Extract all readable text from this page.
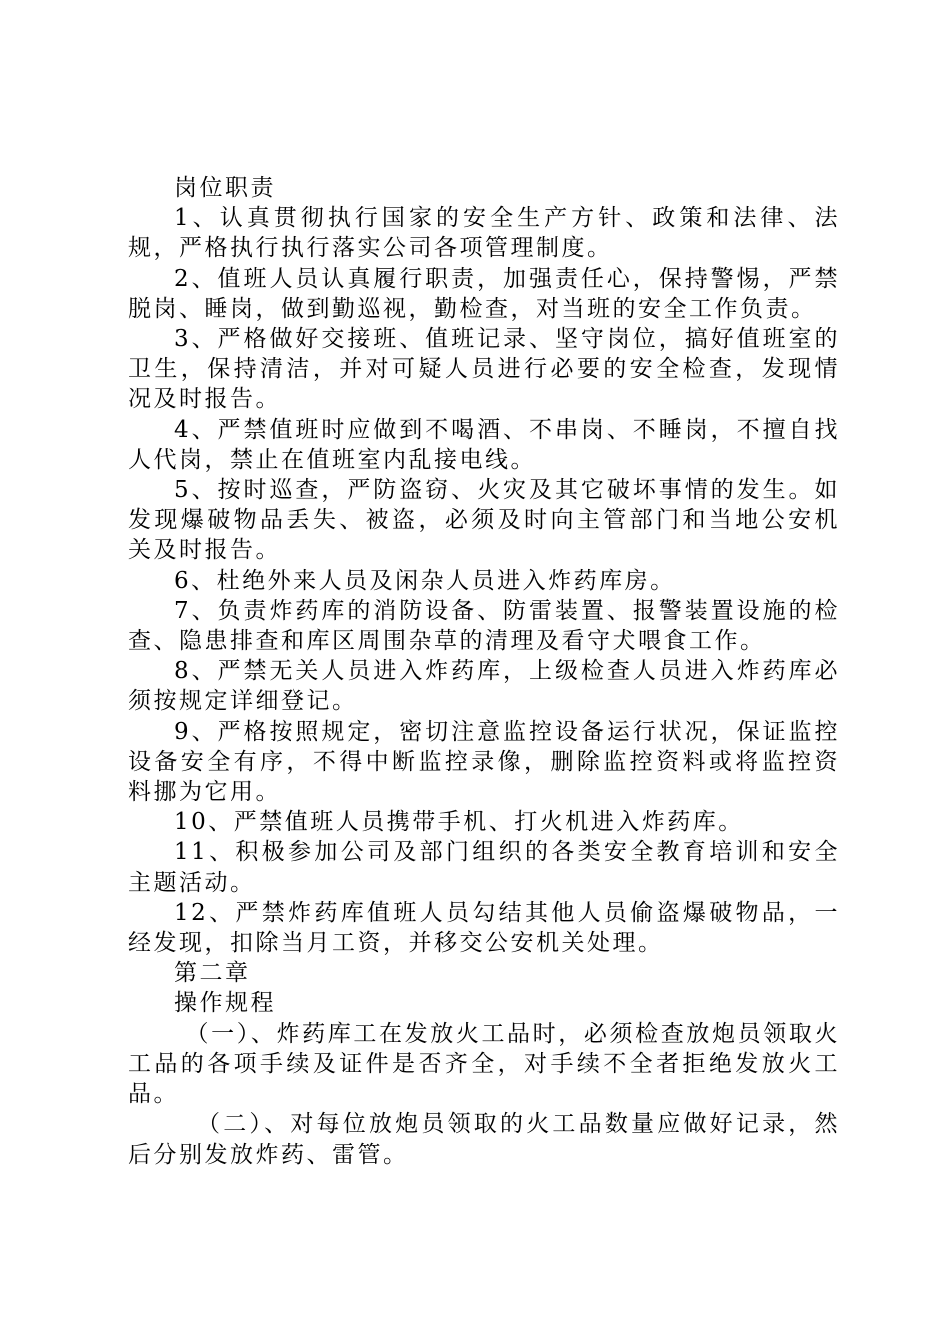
岗位职责

1、认真贯彻执行国家的安全生产方针、政策和法律、法规，严格执行执行落实公司各项管理制度。

2、值班人员认真履行职责，加强责任心，保持警惕，严禁脱岗、睡岗，做到勤巡视，勤检查，对当班的安全工作负责。

3、严格做好交接班、值班记录、坚守岗位，搞好值班室的卫生，保持清洁，并对可疑人员进行必要的安全检查，发现情况及时报告。

4、严禁值班时应做到不喝酒、不串岗、不睡岗，不擅自找人代岗，禁止在值班室内乱接电线。

5、按时巡查，严防盗窃、火灾及其它破坏事情的发生。如发现爆破物品丢失、被盗，必须及时向主管部门和当地公安机关及时报告。

6、杜绝外来人员及闲杂人员进入炸药库房。

7、负责炸药库的消防设备、防雷装置、报警装置设施的检查、隐患排查和库区周围杂草的清理及看守犬喂食工作。

8、严禁无关人员进入炸药库，上级检查人员进入炸药库必须按规定详细登记。

9、严格按照规定，密切注意监控设备运行状况，保证监控设备安全有序，不得中断监控录像，删除监控资料或将监控资料挪为它用。

10、严禁值班人员携带手机、打火机进入炸药库。

11、积极参加公司及部门组织的各类安全教育培训和安全主题活动。

12、严禁炸药库值班人员勾结其他人员偷盗爆破物品，一经发现，扣除当月工资，并移交公安机关处理。

第二章

操作规程

（一）、炸药库工在发放火工品时，必须检查放炮员领取火工品的各项手续及证件是否齐全，对手续不全者拒绝发放火工品。

（二）、对每位放炮员领取的火工品数量应做好记录，然后分别发放炸药、雷管。
